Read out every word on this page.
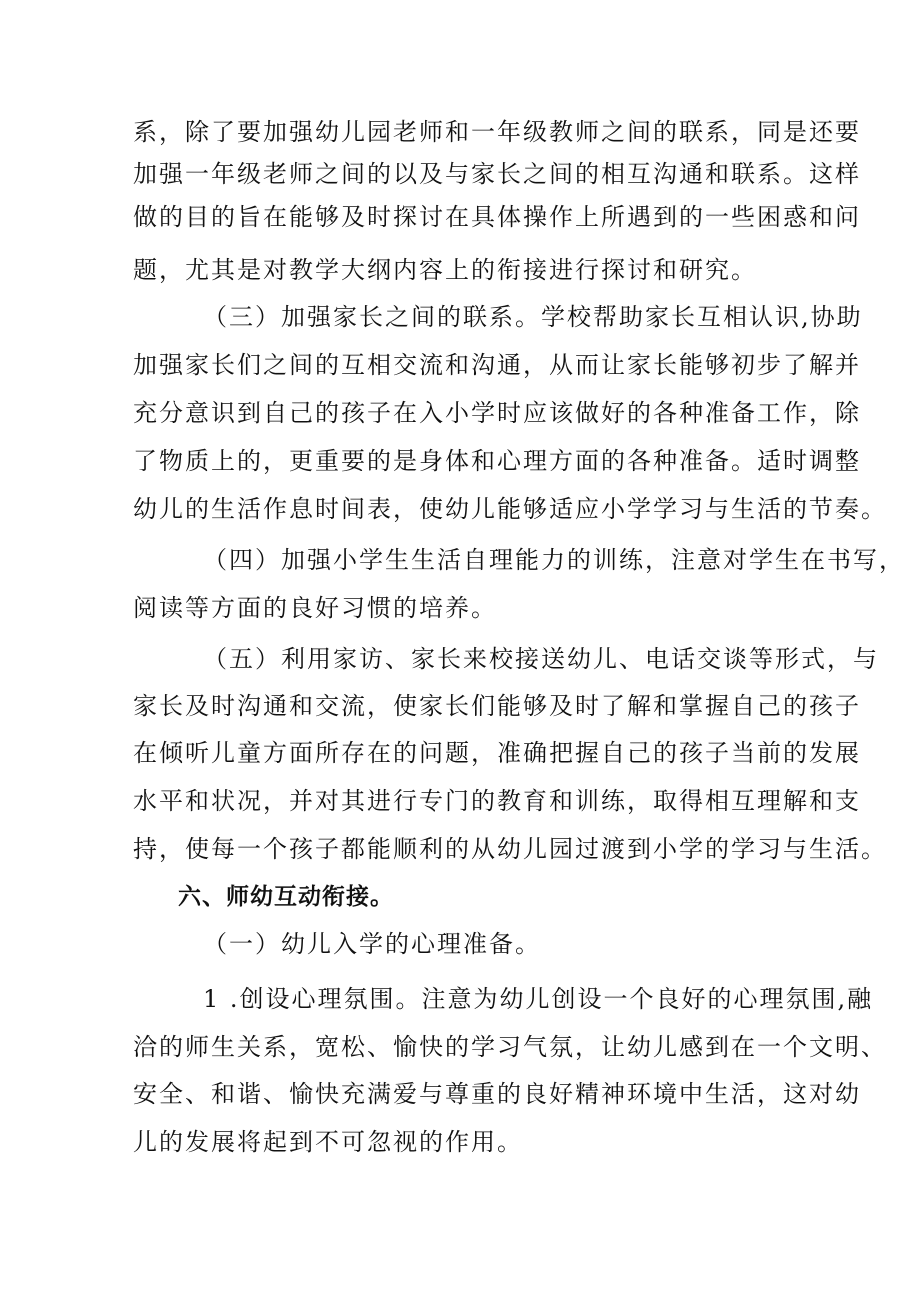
系，除了要加强幼儿园老师和一年级教师之间的联系，同是还要
加强一年级老师之间的以及与家长之间的相互沟通和联系。这样
做的目的旨在能够及时探讨在具体操作上所遇到的一些困惑和问
题，尤其是对教学大纲内容上的衔接进行探讨和研究。
（三）加强家长之间的联系。学校帮助家长互相认识,协助
加强家长们之间的互相交流和沟通，从而让家长能够初步了解并
充分意识到自己的孩子在入小学时应该做好的各种准备工作，除
了物质上的，更重要的是身体和心理方面的各种准备。适时调整
幼儿的生活作息时间表，使幼儿能够适应小学学习与生活的节奏。
（四）加强小学生生活自理能力的训练，注意对学生在书写，
阅读等方面的良好习惯的培养。
（五）利用家访、家长来校接送幼儿、电话交谈等形式，与
家长及时沟通和交流，使家长们能够及时了解和掌握自己的孩子
在倾听儿童方面所存在的问题，准确把握自己的孩子当前的发展
水平和状况，并对其进行专门的教育和训练，取得相互理解和支
持，使每一个孩子都能顺利的从幼儿园过渡到小学的学习与生活。
六、师幼互动衔接。
（一）幼儿入学的心理准备。
1 .创设心理氛围。注意为幼儿创设一个良好的心理氛围,融
洽的师生关系，宽松、愉快的学习气氛，让幼儿感到在一个文明、
安全、和谐、愉快充满爱与尊重的良好精神环境中生活，这对幼
儿的发展将起到不可忽视的作用。
